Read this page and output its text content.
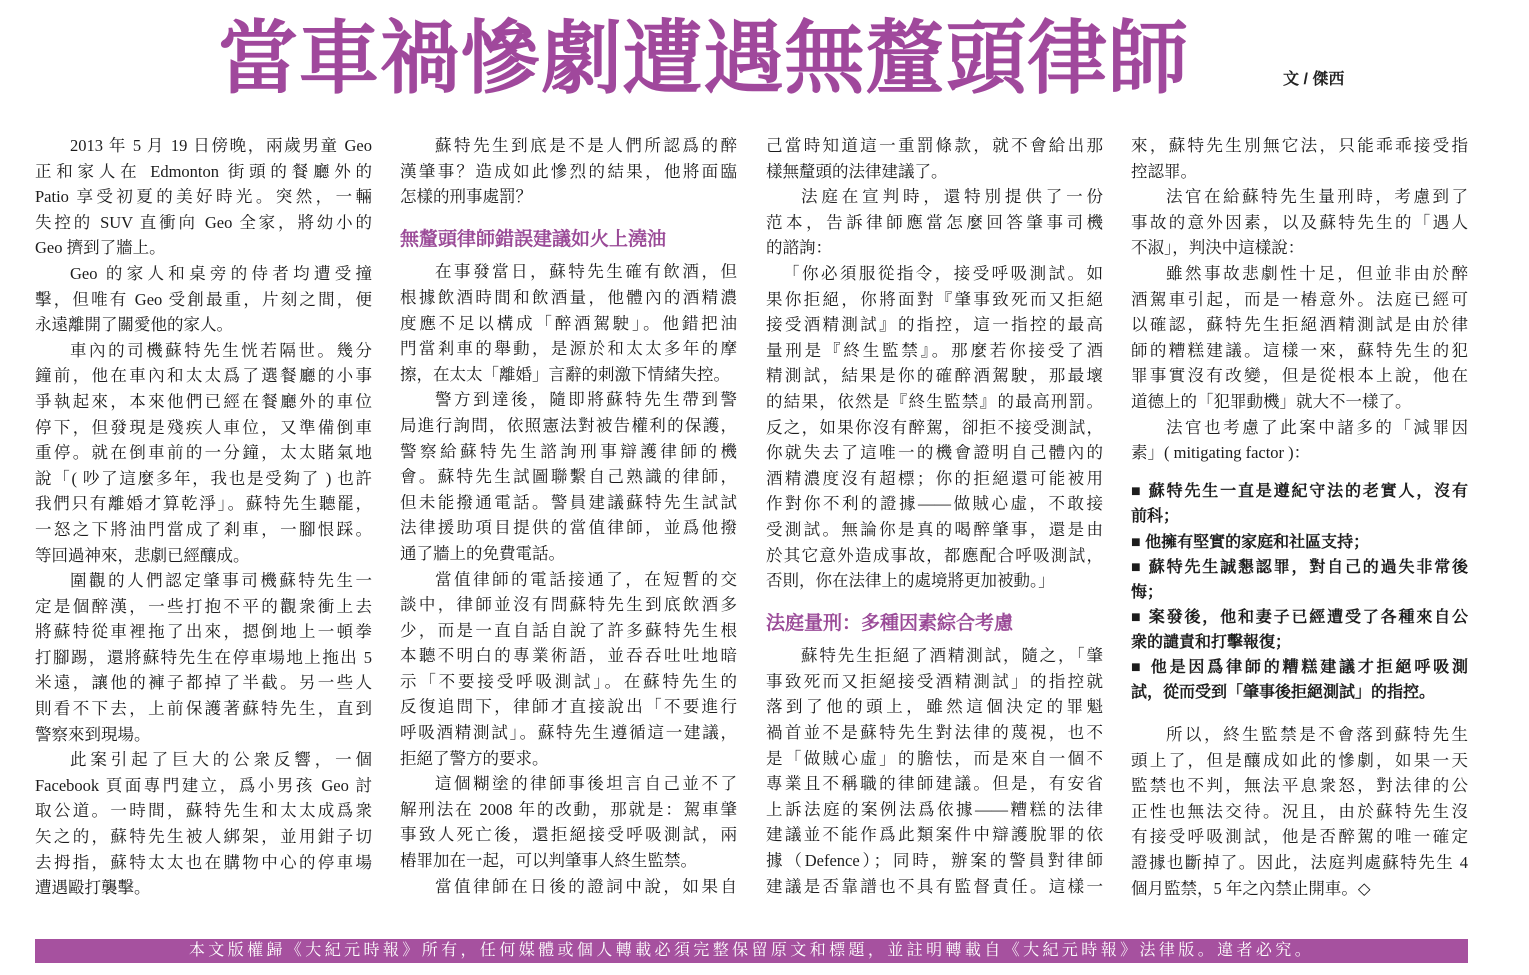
當車禍慘劇遭遇無釐頭律師	文 / 傑西
2013 年 5 月 19 日傍晚，兩歲男童 Geo
正和家人在 Edmonton 街頭的餐廳外的
Patio 享受初夏的美好時光。突然，一輛
失控的 SUV 直衝向 Geo 全家，將幼小的
Geo 擠到了牆上。
Geo 的家人和桌旁的侍者均遭受撞
擊，但唯有 Geo 受創最重，片刻之間，便
永遠離開了關愛他的家人。
車內的司機蘇特先生恍若隔世。幾分
鐘前，他在車內和太太爲了選餐廳的小事
爭執起來，本來他們已經在餐廳外的車位
停下，但發現是殘疾人車位，又準備倒車
重停。就在倒車前的一分鐘，太太賭氣地
說「( 吵了這麼多年，我也是受夠了 ) 也許
我們只有離婚才算乾淨」。蘇特先生聽罷，
一怒之下將油門當成了剎車，一腳恨踩。
等回過神來，悲劇已經釀成。
圍觀的人們認定肇事司機蘇特先生一
定是個醉漢，一些打抱不平的觀衆衝上去
將蘇特從車裡拖了出來，摁倒地上一頓拳
打腳踢，還將蘇特先生在停車場地上拖出 5
米遠，讓他的褲子都掉了半截。另一些人
則看不下去，上前保護著蘇特先生，直到
警察來到現場。
此案引起了巨大的公衆反響，一個
Facebook 頁面專門建立，爲小男孩 Geo 討
取公道。一時間，蘇特先生和太太成爲衆
矢之的，蘇特先生被人綁架，並用鉗子切
去拇指，蘇特太太也在購物中心的停車場
遭遇毆打襲擊。
蘇特先生到底是不是人們所認爲的醉
漢肇事？造成如此慘烈的結果，他將面臨
怎樣的刑事處罰？
無釐頭律師錯誤建議如火上澆油
在事發當日，蘇特先生確有飲酒，但
根據飲酒時間和飲酒量，他體內的酒精濃
度應不足以構成「醉酒駕駛」。他錯把油
門當剎車的舉動，是源於和太太多年的摩
擦，在太太「離婚」言辭的刺激下情緒失控。
警方到達後，隨即將蘇特先生帶到警
局進行詢問，依照憲法對被告權利的保護，
警察給蘇特先生諮詢刑事辯護律師的機
會。蘇特先生試圖聯繫自己熟識的律師，
但未能撥通電話。警員建議蘇特先生試試
法律援助項目提供的當值律師，並爲他撥
通了牆上的免費電話。
當值律師的電話接通了，在短暫的交
談中，律師並沒有問蘇特先生到底飲酒多
少，而是一直自話自說了許多蘇特先生根
本聽不明白的專業術語，並吞吞吐吐地暗
示「不要接受呼吸測試」。在蘇特先生的
反復追問下，律師才直接說出「不要進行
呼吸酒精測試」。蘇特先生遵循這一建議，
拒絕了警方的要求。
這個糊塗的律師事後坦言自己並不了
解刑法在 2008 年的改動，那就是：駕車肇
事致人死亡後，還拒絕接受呼吸測試，兩
樁罪加在一起，可以判肇事人終生監禁。
當值律師在日後的證詞中說，如果自
己當時知道這一重罰條款，就不會給出那
樣無釐頭的法律建議了。
法庭在宣判時，還特別提供了一份
范本，告訴律師應當怎麼回答肇事司機
的諮詢：
「你必須服從指令，接受呼吸測試。如
果你拒絕，你將面對『肇事致死而又拒絕
接受酒精測試』的指控，這一指控的最高
量刑是『終生監禁』。那麼若你接受了酒
精測試，結果是你的確醉酒駕駛，那最壞
的結果，依然是『終生監禁』的最高刑罰。
反之，如果你沒有醉駕，卻拒不接受測試，
你就失去了這唯一的機會證明自己體內的
酒精濃度沒有超標；你的拒絕還可能被用
作對你不利的證據——做賊心虛，不敢接
受測試。無論你是真的喝醉肇事，還是由
於其它意外造成事故，都應配合呼吸測試，
否則，你在法律上的處境將更加被動。」
法庭量刑：多種因素綜合考慮
蘇特先生拒絕了酒精測試，隨之，「肇
事致死而又拒絕接受酒精測試」的指控就
落到了他的頭上，雖然這個決定的罪魁
禍首並不是蘇特先生對法律的蔑視，也不
是「做賊心虛」的膽怯，而是來自一個不
專業且不稱職的律師建議。但是，有安省
上訴法庭的案例法爲依據——糟糕的法律
建議並不能作爲此類案件中辯護脫罪的依
據（Defence）；同時，辦案的警員對律師
建議是否靠譜也不具有監督責任。這樣一
來，蘇特先生別無它法，只能乖乖接受指
控認罪。
法官在給蘇特先生量刑時，考慮到了
事故的意外因素，以及蘇特先生的「遇人
不淑」，判決中這樣說：
雖然事故悲劇性十足，但並非由於醉
酒駕車引起，而是一樁意外。法庭已經可
以確認，蘇特先生拒絕酒精測試是由於律
師的糟糕建議。這樣一來，蘇特先生的犯
罪事實沒有改變，但是從根本上說，他在
道德上的「犯罪動機」就大不一樣了。
法官也考慮了此案中諸多的「減罪因
素」( mitigating factor )：
■ 蘇特先生一直是遵紀守法的老實人，沒有
前科；
■ 他擁有堅實的家庭和社區支持；
■ 蘇特先生誠懇認罪，對自己的過失非常後
悔；
■ 案發後，他和妻子已經遭受了各種來自公
衆的譴責和打擊報復；
■ 他是因爲律師的糟糕建議才拒絕呼吸測
試，從而受到「肇事後拒絕測試」的指控。
所以，終生監禁是不會落到蘇特先生
頭上了，但是釀成如此的慘劇，如果一天
監禁也不判，無法平息衆怒，對法律的公
正性也無法交待。況且，由於蘇特先生沒
有接受呼吸測試，他是否醉駕的唯一確定
證據也斷掉了。因此，法庭判處蘇特先生 4
個月監禁，5 年之內禁止開車。◇
本文版權歸《大紀元時報》所有，任何媒體或個人轉載必須完整保留原文和標題，並註明轉載自《大紀元時報》法律版。違者必究。
